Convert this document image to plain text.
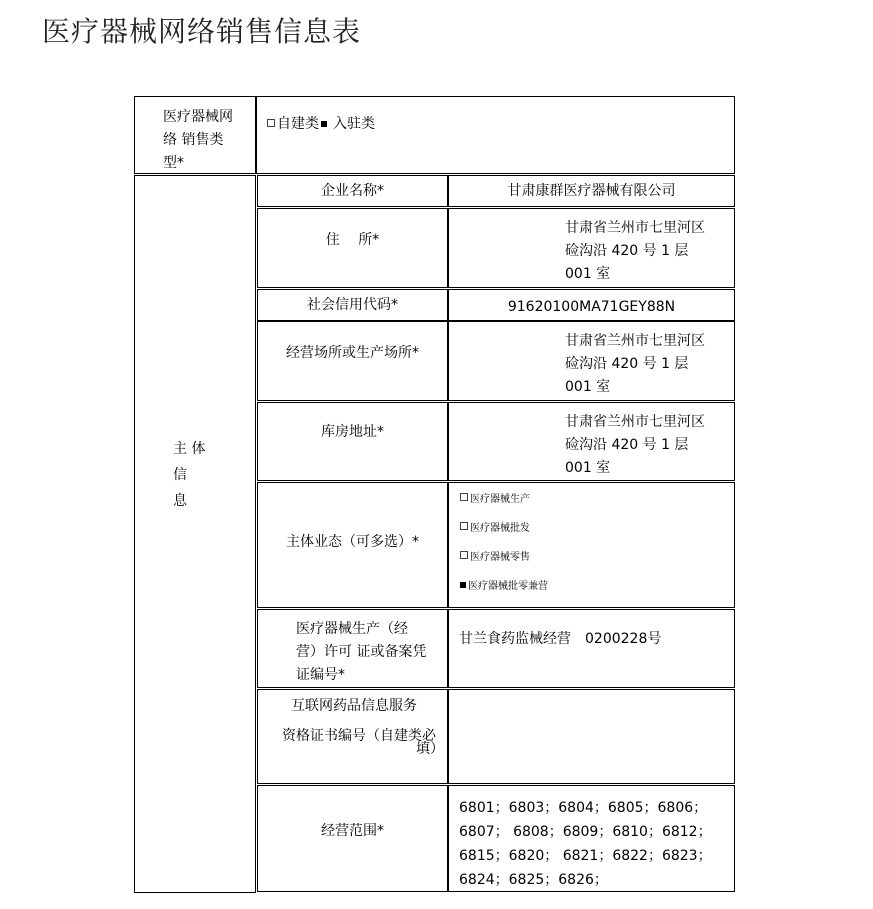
医疗器械网络销售信息表
医疗器械网
络 销售类
型*
自建类 入驻类
主 体
信
息
企业名称*	甘肃康群医疗器械有限公司
住　 所*
甘肃省兰州市七里河区
硷沟沿 420 号 1 层
001 室
社会信用代码*	91620100MA71GEY88N
经营场所或生产场所*
甘肃省兰州市七里河区
硷沟沿 420 号 1 层
001 室
库房地址*
甘肃省兰州市七里河区
硷沟沿 420 号 1 层
001 室
主体业态（可多选）*
医疗器械生产
医疗器械批发
医疗器械零售
医疗器械批零兼营
医疗器械生产（经
营）许可 证或备案凭
证编号*
甘兰食药监械经营　0200228号
互联网药品信息服务
资格证书编号（自建类必
填）
经营范围*
6801；6803；6804；6805；6806；
6807； 6808；6809；6810；6812；
6815；6820； 6821；6822；6823；
6824；6825；6826；
